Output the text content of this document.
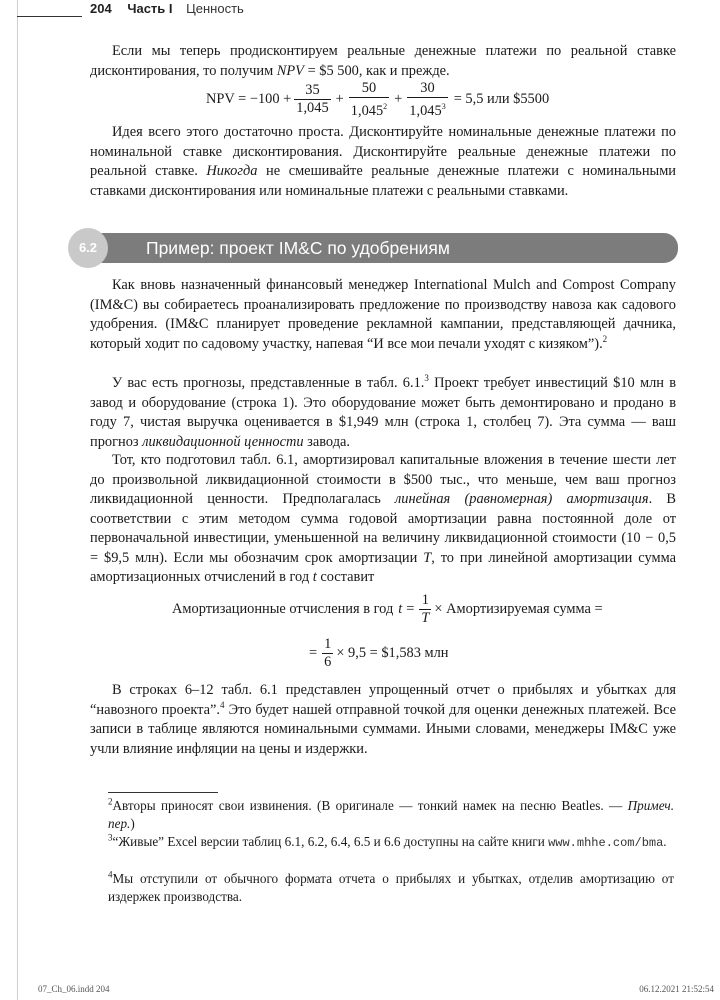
204 Часть I Ценность

Если мы теперь продисконтируем реальные денежные платежи по реальной ставке дисконтирования, то получим NPV = $5 500, как и прежде.

NPV = $-100 + \frac{35}{1,045} + \frac{50}{1,045^2} + \frac{30}{1,045^3} = 5,5$ или $5500

Идея всего этого достаточно проста. Дисконтируйте номинальные денежные платежи по номинальной ставке дисконтирования. Дисконтируйте реальные денежные платежи по реальной ставке. Никогда не смешивайте реальные денежные платежи с номинальными ставками дисконтирования или номинальные платежи с реальными ставками.

Пример: проект IM&C по удобрениям
6.2

Как вновь назначенный финансовый менеджер International Mulch and Compost Company (IM&C) вы собираетесь проанализировать предложение по производству навоза как садового удобрения. (IM&C планирует проведение рекламной кампании, представляющей дачника, который ходит по садовому участку, напевая “И все мои печали уходят с кизяком”).$^2$

У вас есть прогнозы, представленные в табл. 6.1.$^3$ Проект требует инвестиций $10 млн в завод и оборудование (строка 1). Это оборудование может быть демонтировано и продано в году 7, чистая выручка оценивается в $1,949 млн (строка 1, столбец 7). Эта сумма — ваш прогноз ликвидационной ценности завода.

Тот, кто подготовил табл. 6.1, амортизировал капитальные вложения в течение шести лет до произвольной ликвидационной стоимости в $500 тыс., что меньше, чем ваш прогноз ликвидационной ценности. Предполагалась линейная (равномерная) амортизация. В соответствии с этим методом сумма годовой амортизации равна постоянной доле от первоначальной инвестиции, уменьшенной на величину ликвидационной стоимости (10 − 0,5 = $9,5 млн). Если мы обозначим срок амортизации T, то при линейной амортизации сумма амортизационных отчислений в год t составит

Амортизационные отчисления в год $t = \frac{1}{T}$ × Амортизируемая сумма =
= $\frac{1}{6} \times 9,5$ = $1,583 млн

В строках 6–12 табл. 6.1 представлен упрощенный отчет о прибылях и убытках для “навозного проекта”.$^4$ Это будет нашей отправной точкой для оценки денежных платежей. Все записи в таблице являются номинальными суммами. Иными словами, менеджеры IM&C уже учли влияние инфляции на цены и издержки.

$^2$Авторы приносят свои извинения. (В оригинале — тонкий намек на песню Beatles. — Примеч. пер.)
$^3$“Живые” Excel версии таблиц 6.1, 6.2, 6.4, 6.5 и 6.6 доступны на сайте книги www.mhhe.com/bma.
$^4$Мы отступили от обычного формата отчета о прибылях и убытках, отделив амортизацию от издержек производства.
07_Ch_06.indd 204	06.12.2021 21:52:54
